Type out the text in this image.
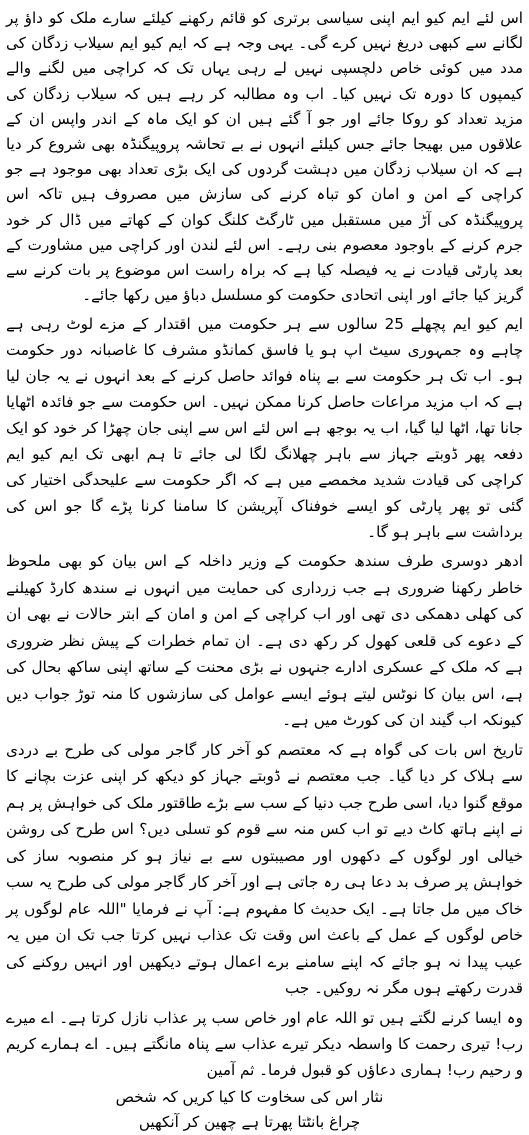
اس لئے ایم کیو ایم اپنی سیاسی برتری کو قائم رکھنے کیلئے سارے ملک کو داؤ پر لگانے سے کبھی دریغ نہیں کرے گی۔ یہی وجہ ہے کہ ایم کیو ایم سیلاب زدگان کی مدد میں کوئی خاص دلچسپی نہیں لے رہی یہاں تک کہ کراچی میں لگنے والے کیمپوں کا دورہ تک نہیں کیا۔ اب وہ مطالبہ کر رہے ہیں کہ سیلاب زدگان کی مزید تعداد کو روکا جائے اور جو آ گئے ہیں ان کو ایک ماہ کے اندر واپس ان کے علاقوں میں بھیجا جائے جس کیلئے انہوں نے بے تحاشہ پروپیگنڈہ بھی شروع کر دیا ہے کہ ان سیلاب زدگان میں دہشت گردوں کی ایک بڑی تعداد بھی موجود ہے جو کراچی کے امن و امان کو تباہ کرنے کی سازش میں مصروف ہیں تاکہ اس پروپیگنڈہ کی آڑ میں مستقبل میں ٹارگٹ کلنگ کوان کے کھاتے میں ڈال کر خود جرم کرنے کے باوجود معصوم بنی رہے۔ اس لئے لندن اور کراچی میں مشاورت کے بعد پارٹی قیادت نے یہ فیصلہ کیا ہے کہ براہ راست اس موضوع پر بات کرنے سے گریز کیا جائے اور اپنی اتحادی حکومت کو مسلسل دباؤ میں رکھا جائے۔

ایم کیو ایم پچھلے 25 سالوں سے ہر حکومت میں اقتدار کے مزے لوٹ رہی ہے چاہے وہ جمہوری سیٹ اپ ہو یا فاسق کمانڈو مشرف کا غاصبانہ دور حکومت ہو۔ اب تک ہر حکومت سے بے پناہ فوائد حاصل کرنے کے بعد انہوں نے یہ جان لیا ہے کہ اب مزید مراعات حاصل کرنا ممکن نہیں۔ اس حکومت سے جو فائدہ اٹھایا جانا تھا، اٹھا لیا گیا، اب یہ بوجھ ہے اس لئے اس سے اپنی جان چھڑا کر خود کو ایک دفعہ پھر ڈوبتے جہاز سے باہر چھلانگ لگا لی جائے تا ہم ابھی تک ایم کیو ایم کراچی کی قیادت شدید مخمصے میں ہے کہ اگر حکومت سے علیحدگی اختیار کی گئی تو پھر پارٹی کو ایسے خوفناک آپریشن کا سامنا کرنا پڑے گا جو اس کی برداشت سے باہر ہو گا۔

ادھر دوسری طرف سندھ حکومت کے وزیر داخلہ کے اس بیان کو بھی ملحوظ خاطر رکھنا ضروری ہے جب زرداری کی حمایت میں انہوں نے سندھ کارڈ کھیلنے کی کھلی دھمکی دی تھی اور اب کراچی کے امن و امان کے ابتر حالات نے بھی ان کے دعوے کی قلعی کھول کر رکھ دی ہے۔ ان تمام خطرات کے پیش نظر ضروری ہے کہ ملک کے عسکری ادارے جنہوں نے بڑی محنت کے ساتھ اپنی ساکھ بحال کی ہے، اس بیان کا نوٹس لیتے ہوئے ایسے عوامل کی سازشوں کا منہ توڑ جواب دیں کیونکہ اب گیند ان کی کورٹ میں ہے۔

تاریخ اس بات کی گواہ ہے کہ معتصم کو آخر کار گاجر مولی کی طرح بے دردی سے ہلاک کر دیا گیا۔ جب معتصم نے ڈوبتے جہاز کو دیکھ کر اپنی عزت بچانے کا موقع گنوا دیا، اسی طرح جب دنیا کے سب سے بڑے طاقتور ملک کی خواہش پر ہم نے اپنے ہاتھ کاٹ دیے تو اب کس منہ سے قوم کو تسلی دیں؟ اس طرح کی روشن خیالی اور لوگوں کے دکھوں اور مصیبتوں سے بے نیاز ہو کر منصوبہ ساز کی خواہش پر صرف بد دعا ہی رہ جاتی ہے اور آخر کار گاجر مولی کی طرح یہ سب خاک میں مل جاتا ہے۔ ایک حدیث کا مفہوم ہے: آپ نے فرمایا "اللہ عام لوگوں پر خاص لوگوں کے عمل کے باعث اس وقت تک عذاب نہیں کرتا جب تک ان میں یہ عیب پیدا نہ ہو جائے کہ اپنے سامنے برے اعمال ہوتے دیکھیں اور انہیں روکنے کی قدرت رکھتے ہوں مگر نہ روکیں۔ جب

وہ ایسا کرنے لگتے ہیں تو اللہ عام اور خاص سب پر عذاب نازل کرتا ہے۔ اے میرے رب! تیری رحمت کا واسطہ دیکر تیرے عذاب سے پناہ مانگتے ہیں۔ اے ہمارے کریم و رحیم رب! ہماری دعاؤں کو قبول فرما۔ ثم آمین

نثار اس کی سخاوت کا کیا کریں کہ شخص

چراغ بانٹتا پھرتا ہے چھین کر آنکھیں
